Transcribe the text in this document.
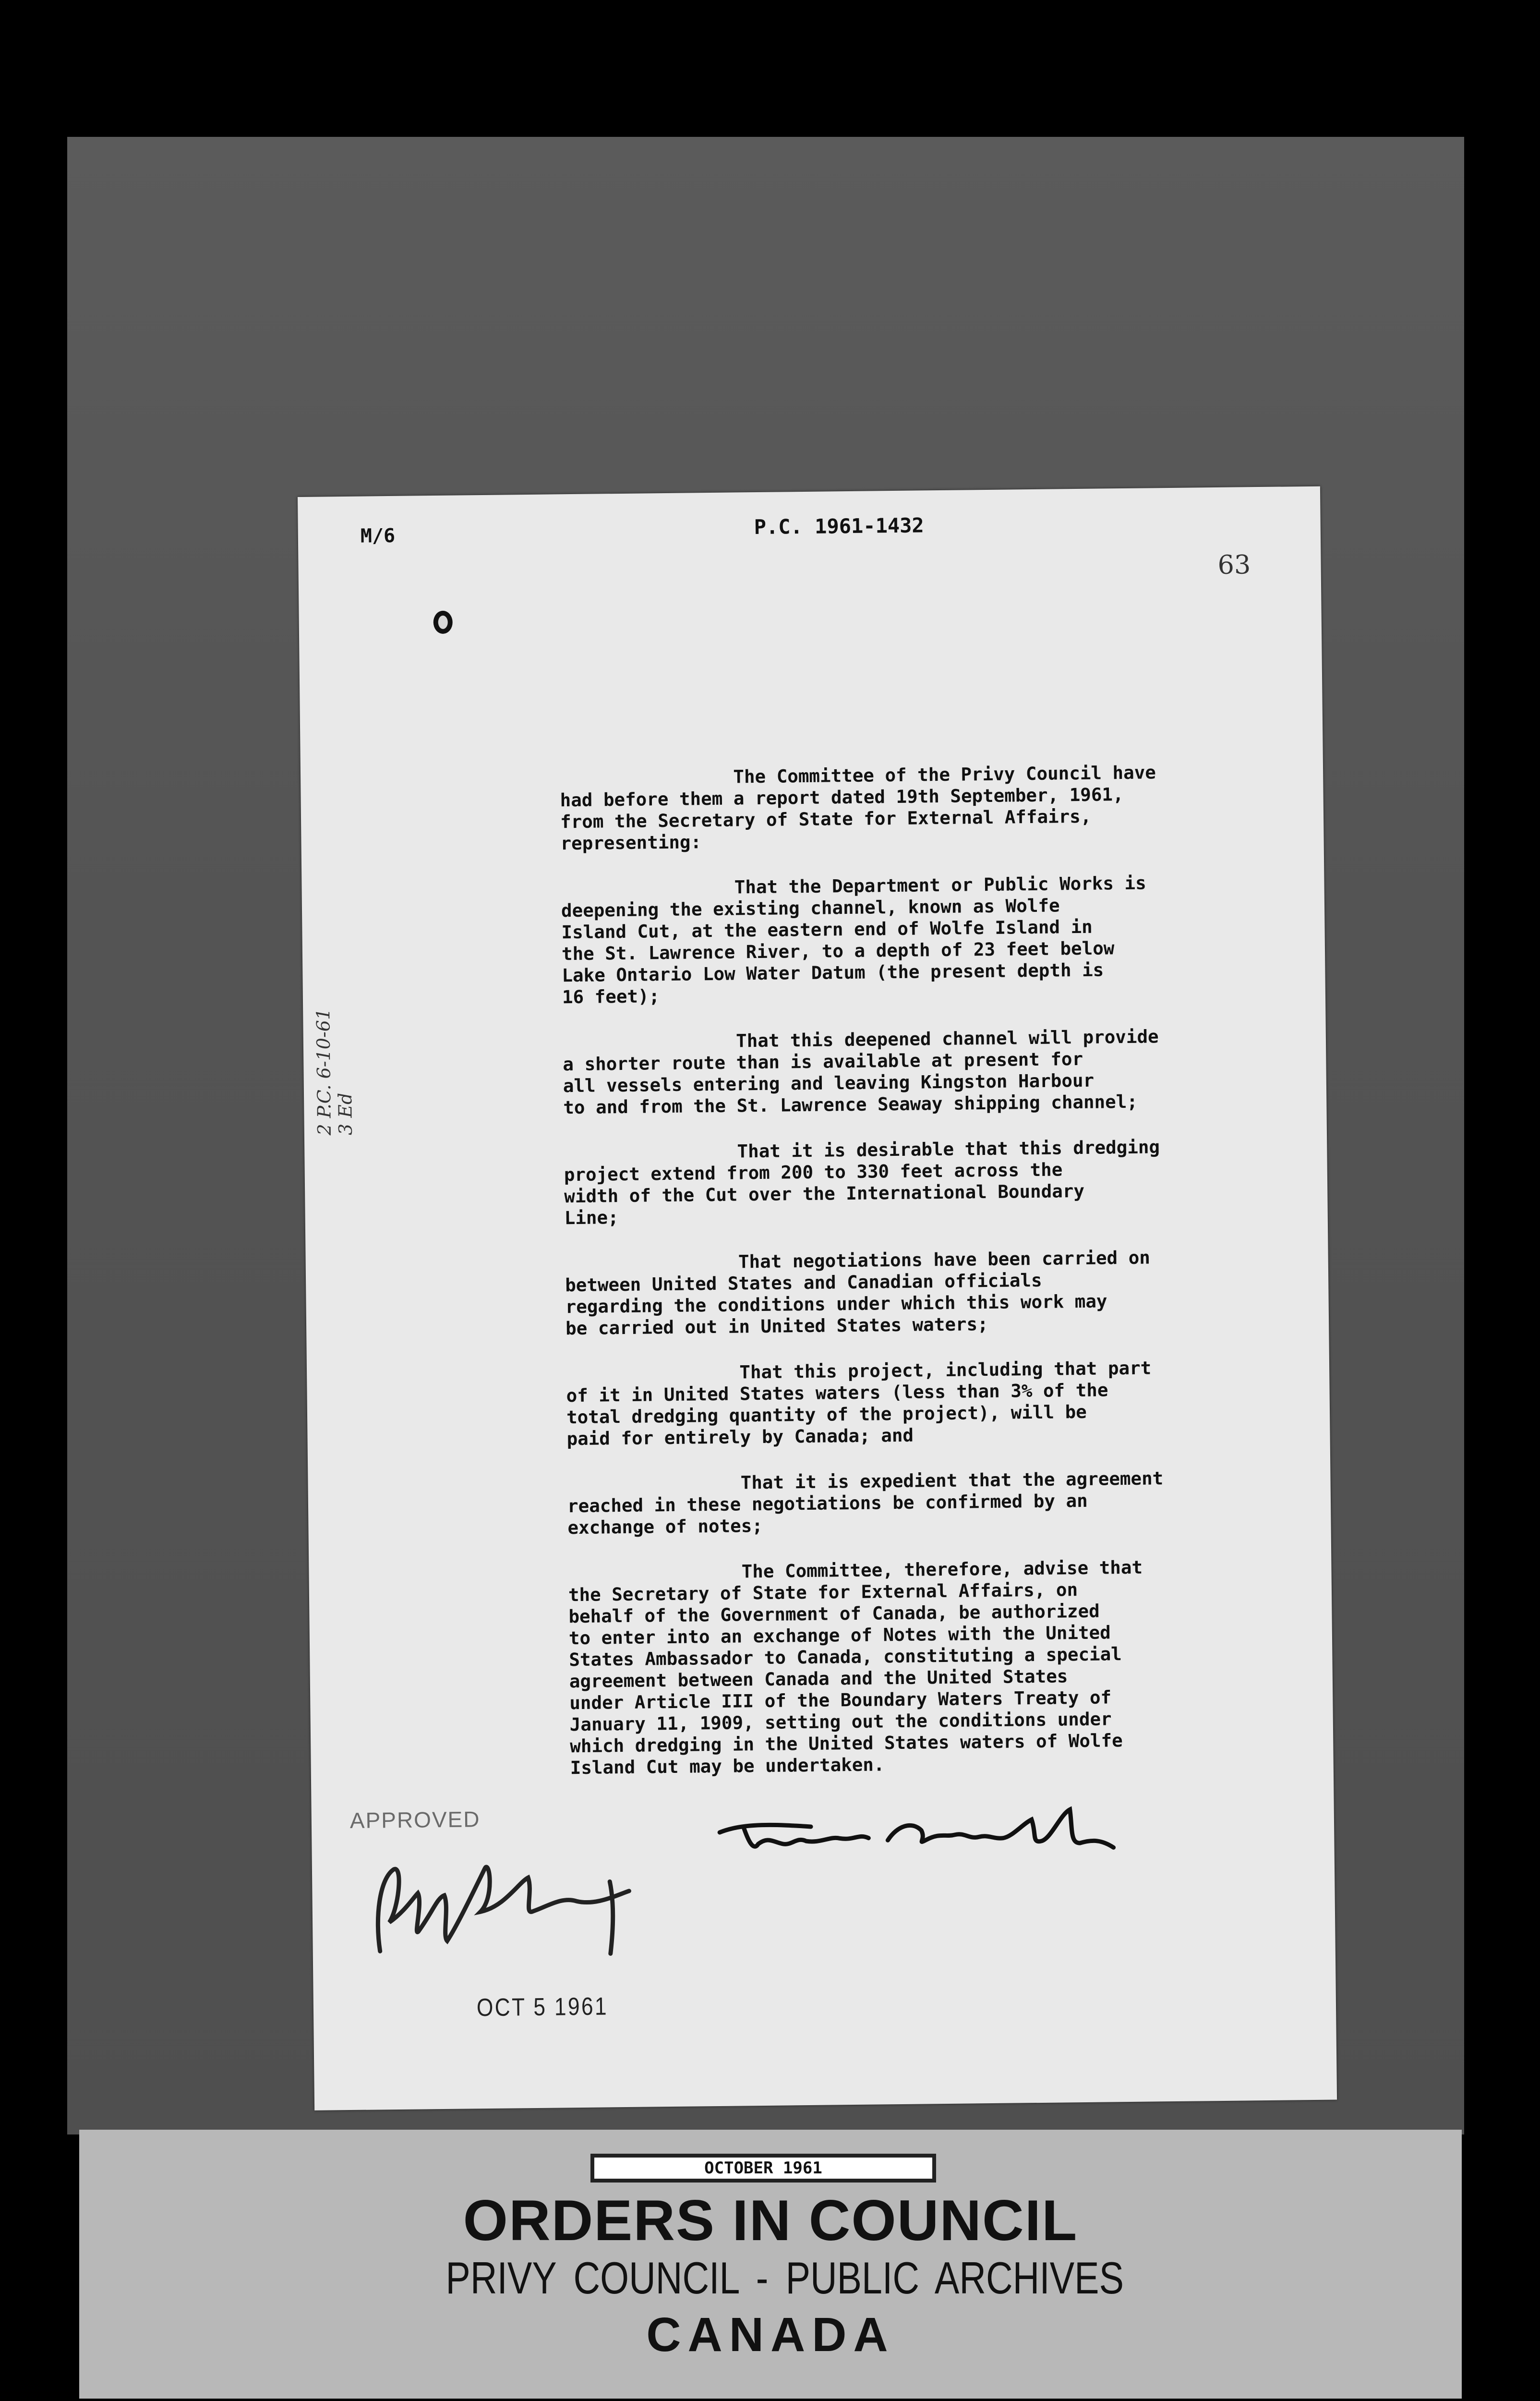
M/6	P.C. 1961-1432
63

The Committee of the Privy Council have
had before them a report dated 19th September, 1961,
from the Secretary of State for External Affairs,
representing:

That the Department or Public Works is
deepening the existing channel, known as Wolfe
Island Cut, at the eastern end of Wolfe Island in
the St. Lawrence River, to a depth of 23 feet below
Lake Ontario Low Water Datum (the present depth is
16 feet);

That this deepened channel will provide
a shorter route than is available at present for
all vessels entering and leaving Kingston Harbour
to and from the St. Lawrence Seaway shipping channel;

That it is desirable that this dredging
project extend from 200 to 330 feet across the
width of the Cut over the International Boundary
Line;

That negotiations have been carried on
between United States and Canadian officials
regarding the conditions under which this work may
be carried out in United States waters;

That this project, including that part
of it in United States waters (less than 3% of the
total dredging quantity of the project), will be
paid for entirely by Canada; and

That it is expedient that the agreement
reached in these negotiations be confirmed by an
exchange of notes;

The Committee, therefore, advise that
the Secretary of State for External Affairs, on
behalf of the Government of Canada, be authorized
to enter into an exchange of Notes with the United
States Ambassador to Canada, constituting a special
agreement between Canada and the United States
under Article III of the Boundary Waters Treaty of
January 11, 1909, setting out the conditions under
which dredging in the United States waters of Wolfe
Island Cut may be undertaken.

2 P.C. 6-10-61 3 Ed
APPROVED
OCT 5 1961
OCTOBER 1961
ORDERS IN COUNCIL
PRIVY COUNCIL - PUBLIC ARCHIVES
CANADA
